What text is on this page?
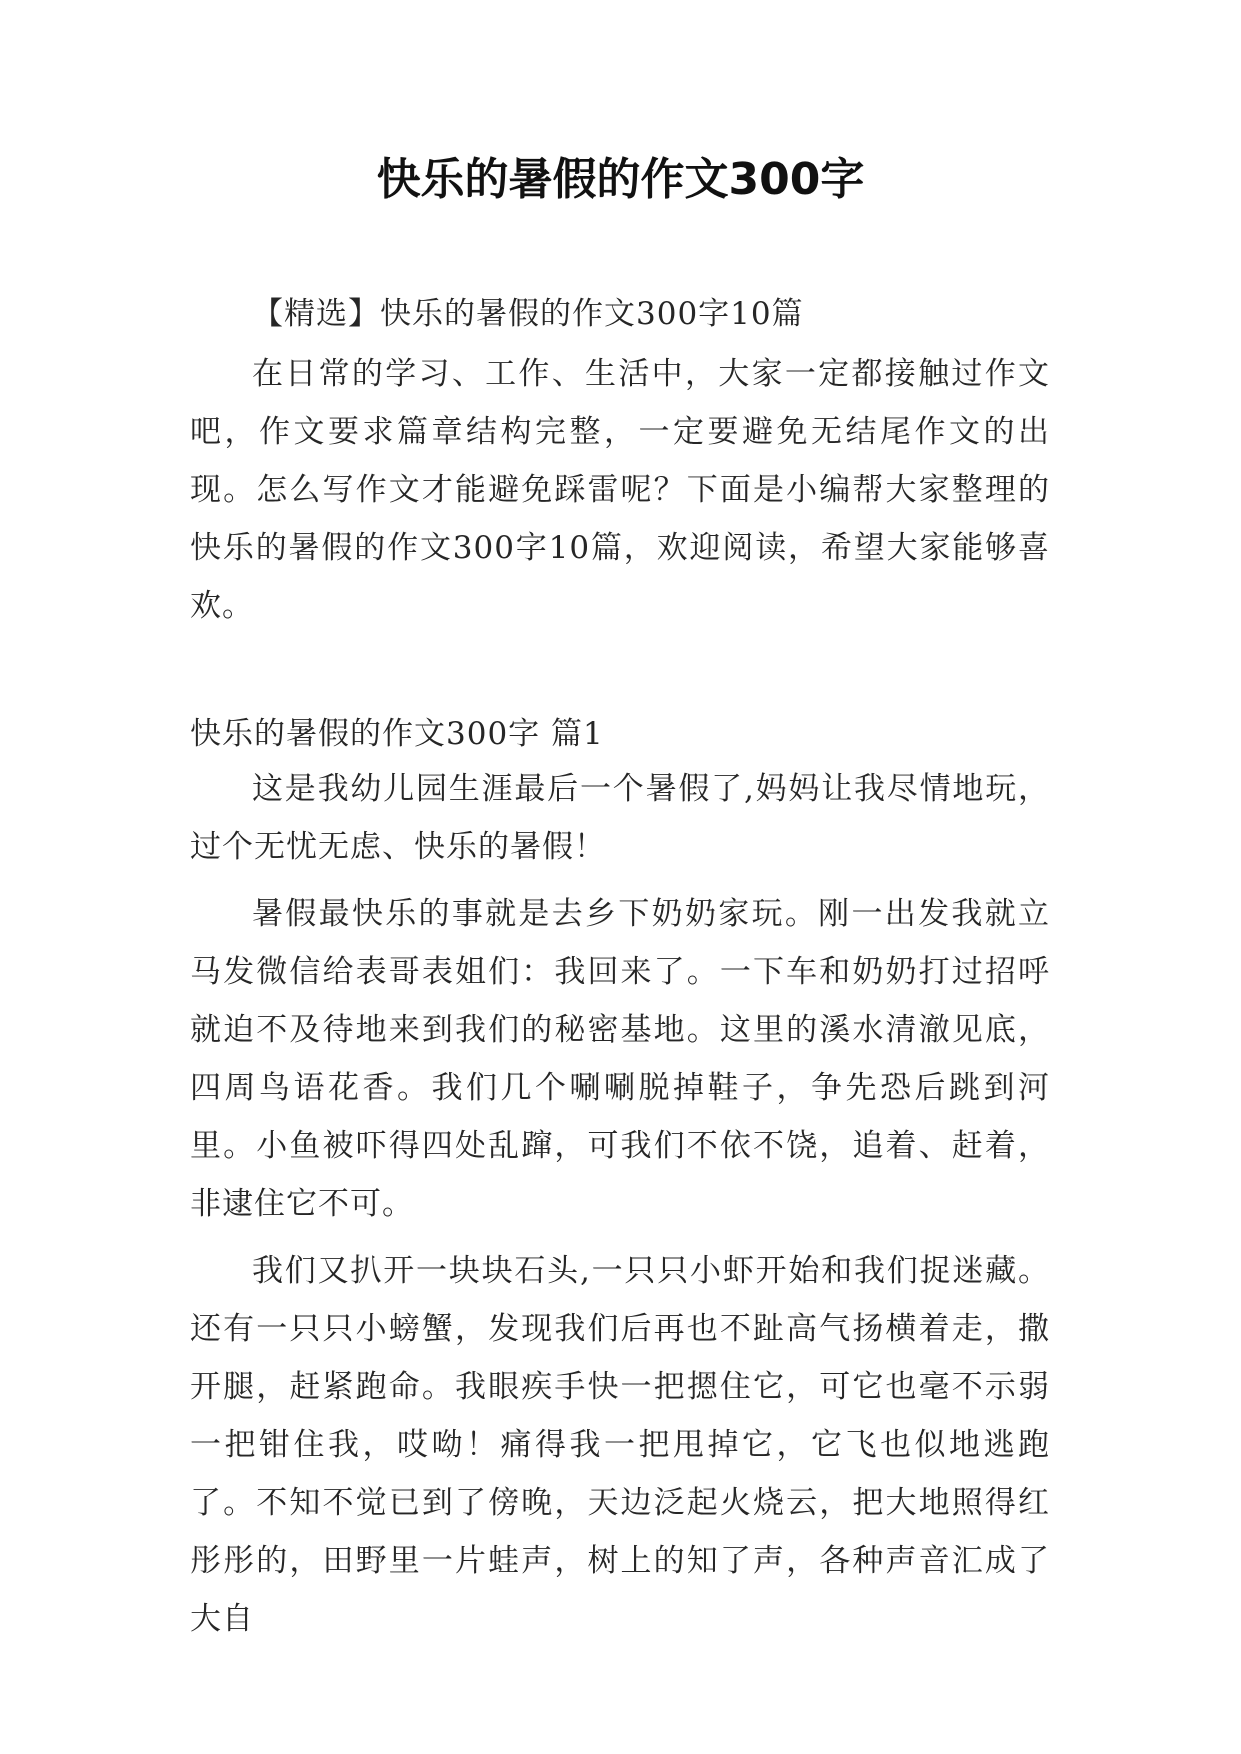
快乐的暑假的作文300字

【精选】快乐的暑假的作文300字10篇

在日常的学习、工作、生活中，大家一定都接触过作文吧，作文要求篇章结构完整，一定要避免无结尾作文的出现。怎么写作文才能避免踩雷呢？下面是小编帮大家整理的快乐的暑假的作文300字10篇，欢迎阅读，希望大家能够喜欢。

快乐的暑假的作文300字 篇1

这是我幼儿园生涯最后一个暑假了,妈妈让我尽情地玩，过个无忧无虑、快乐的暑假！

暑假最快乐的事就是去乡下奶奶家玩。刚一出发我就立马发微信给表哥表姐们：我回来了。一下车和奶奶打过招呼就迫不及待地来到我们的秘密基地。这里的溪水清澈见底，四周鸟语花香。我们几个唰唰脱掉鞋子，争先恐后跳到河里。小鱼被吓得四处乱蹿，可我们不依不饶，追着、赶着，非逮住它不可。

我们又扒开一块块石头,一只只小虾开始和我们捉迷藏。还有一只只小螃蟹，发现我们后再也不趾高气扬横着走，撒开腿，赶紧跑命。我眼疾手快一把摁住它，可它也毫不示弱一把钳住我，哎呦！痛得我一把甩掉它，它飞也似地逃跑了。不知不觉已到了傍晚，天边泛起火烧云，把大地照得红彤彤的，田野里一片蛙声，树上的知了声，各种声音汇成了大自
